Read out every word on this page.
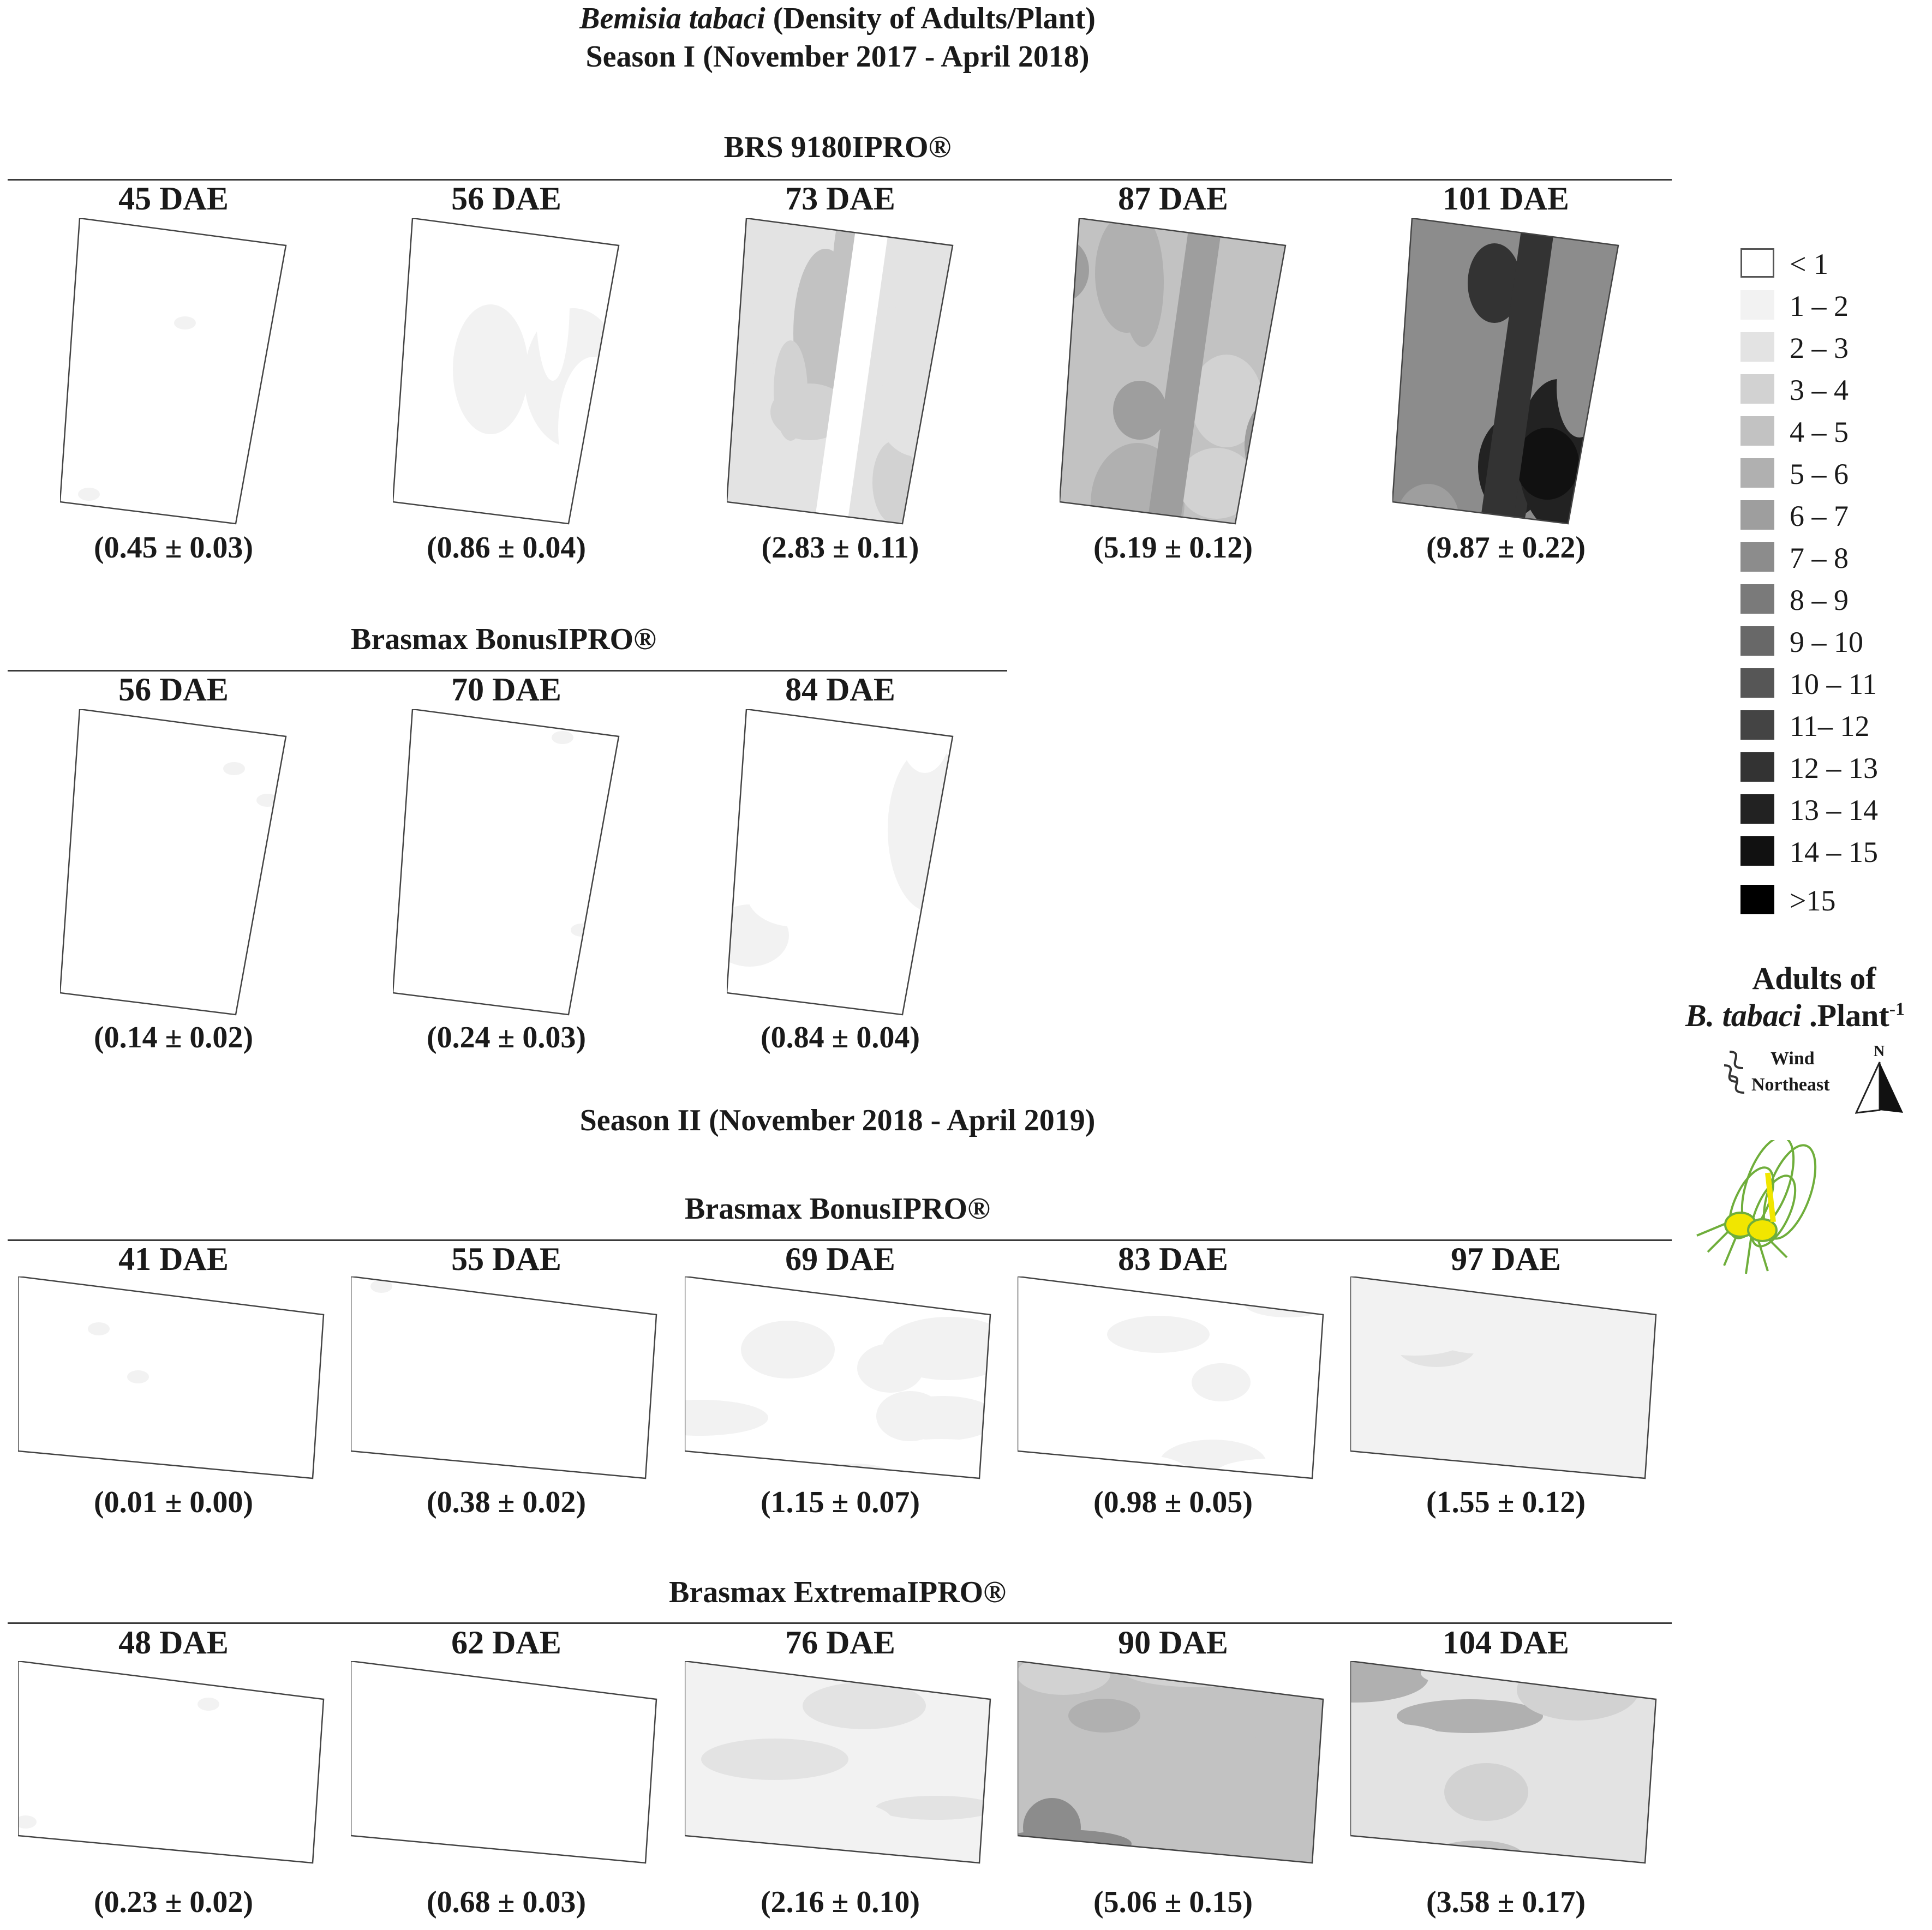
Bemisia tabaci (Density of Adults/Plant)
Season I (November 2017 - April 2018)
BRS 9180IPRO®
45 DAE
(0.45 ± 0.03)
56 DAE
(0.86 ± 0.04)
73 DAE
(2.83 ± 0.11)
87 DAE
(5.19 ± 0.12)
101 DAE
(9.87 ± 0.22)
Brasmax BonusIPRO®
56 DAE
(0.14 ± 0.02)
70 DAE
(0.24 ± 0.03)
84 DAE
(0.84 ± 0.04)
Season II (November 2018 - April 2019)
Brasmax BonusIPRO®
41 DAE
(0.01 ± 0.00)
55 DAE
(0.38 ± 0.02)
69 DAE
(1.15 ± 0.07)
83 DAE
(0.98 ± 0.05)
97 DAE
(1.55 ± 0.12)
Brasmax ExtremaIPRO®
48 DAE
(0.23 ± 0.02)
62 DAE
(0.68 ± 0.03)
76 DAE
(2.16 ± 0.10)
90 DAE
(5.06 ± 0.15)
104 DAE
(3.58 ± 0.17)
< 1
1 – 2
2 – 3
3 – 4
4 – 5
5 – 6
6 – 7
7 – 8
8 – 9
9 – 10
10 – 11
11– 12
12 – 13
13 – 14
14 – 15
>15
Adults of
B. tabaci .Plant$^{-1}$
Wind
Northeast
N
